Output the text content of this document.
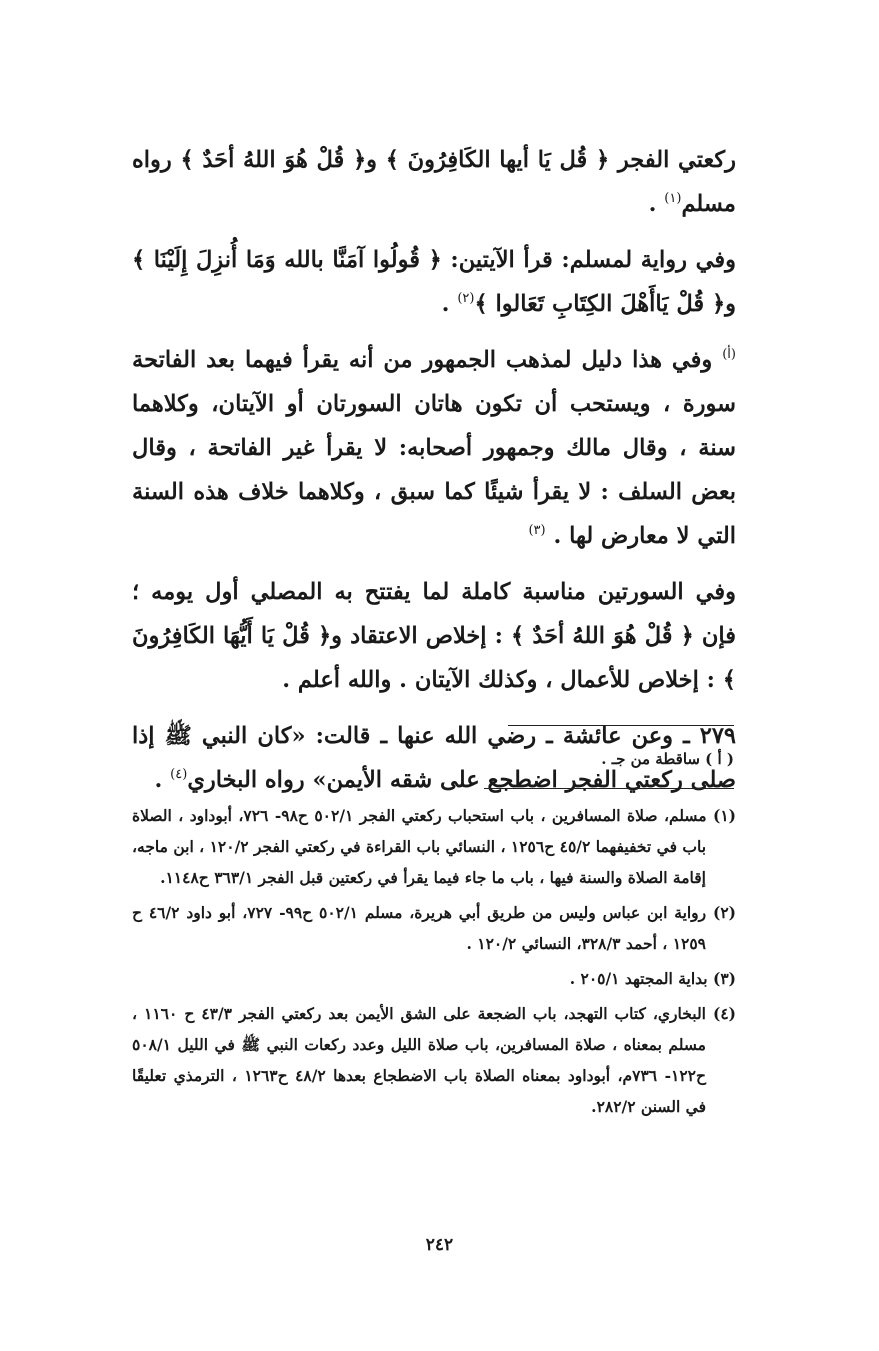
ركعتي الفجر ﴿ قُل يَا أيها الكَافِرُونَ ﴾ و﴿ قُلْ هُوَ اللهُ أحَدٌ ﴾ رواه مسلم$^{(١)}$ .

وفي رواية لمسلم: قرأ الآيتين: ﴿ قُولُوا آمَنَّا بالله وَمَا أُنزِلَ إِلَيْنَا ﴾ و﴿ قُلْ يَاأَهْلَ الكِتَابِ تَعَالوا ﴾$^{(٢)}$ .

$^{(أ)}$ وفي هذا دليل لمذهب الجمهور من أنه يقرأ فيهما بعد الفاتحة سورة ، ويستحب أن تكون هاتان السورتان أو الآيتان، وكلاهما سنة ، وقال مالك وجمهور أصحابه: لا يقرأ غير الفاتحة ، وقال بعض السلف : لا يقرأ شيئًا كما سبق ، وكلاهما خلاف هذه السنة التي لا معارض لها . $^{(٣)}$

وفي السورتين مناسبة كاملة لما يفتتح به المصلي أول يومه ؛ فإن ﴿ قُلْ هُوَ اللهُ أحَدٌ ﴾ : إخلاص الاعتقاد و﴿ قُلْ يَا أَيُّهَا الكَافِرُونَ ﴾ : إخلاص للأعمال ، وكذلك الآيتان . والله أعلم .

٢٧٩ ـ وعن عائشة ـ رضي الله عنها ـ قالت: «كان النبي ﷺ إذا صلى ركعتي الفجر اضطجع على شقه الأيمن» رواه البخاري$^{(٤)}$ .

( أ ) ساقطة من جـ .

(١) مسلم، صلاة المسافرين ، باب استحباب ركعتي الفجر ٥٠٢/١ ح٩٨- ٧٢٦، أبوداود ، الصلاة باب في تخفيفهما ٤٥/٢ ح١٢٥٦ ، النسائي باب القراءة في ركعتي الفجر ١٢٠/٢ ، ابن ماجه، إقامة الصلاة والسنة فيها ، باب ما جاء فيما يقرأ في ركعتين قبل الفجر ٣٦٣/١ ح١١٤٨.

(٢) رواية ابن عباس وليس من طريق أبي هريرة، مسلم ٥٠٢/١ ح٩٩- ٧٢٧، أبو داود ٤٦/٢ ح ١٢٥٩ ، أحمد ٣٢٨/٣، النسائي ١٢٠/٢ .

(٣) بداية المجتهد ٢٠٥/١ .

(٤) البخاري، كتاب التهجد، باب الضجعة على الشق الأيمن بعد ركعتي الفجر ٤٣/٣ ح ١١٦٠ ، مسلم بمعناه ، صلاة المسافرين، باب صلاة الليل وعدد ركعات النبي ﷺ في الليل ٥٠٨/١ ح١٢٢- ٧٣٦م، أبوداود بمعناه الصلاة باب الاضطجاع بعدها ٤٨/٢ ح١٢٦٣ ، الترمذي تعليقًا في السنن ٢٨٢/٢.

٢٤٢
